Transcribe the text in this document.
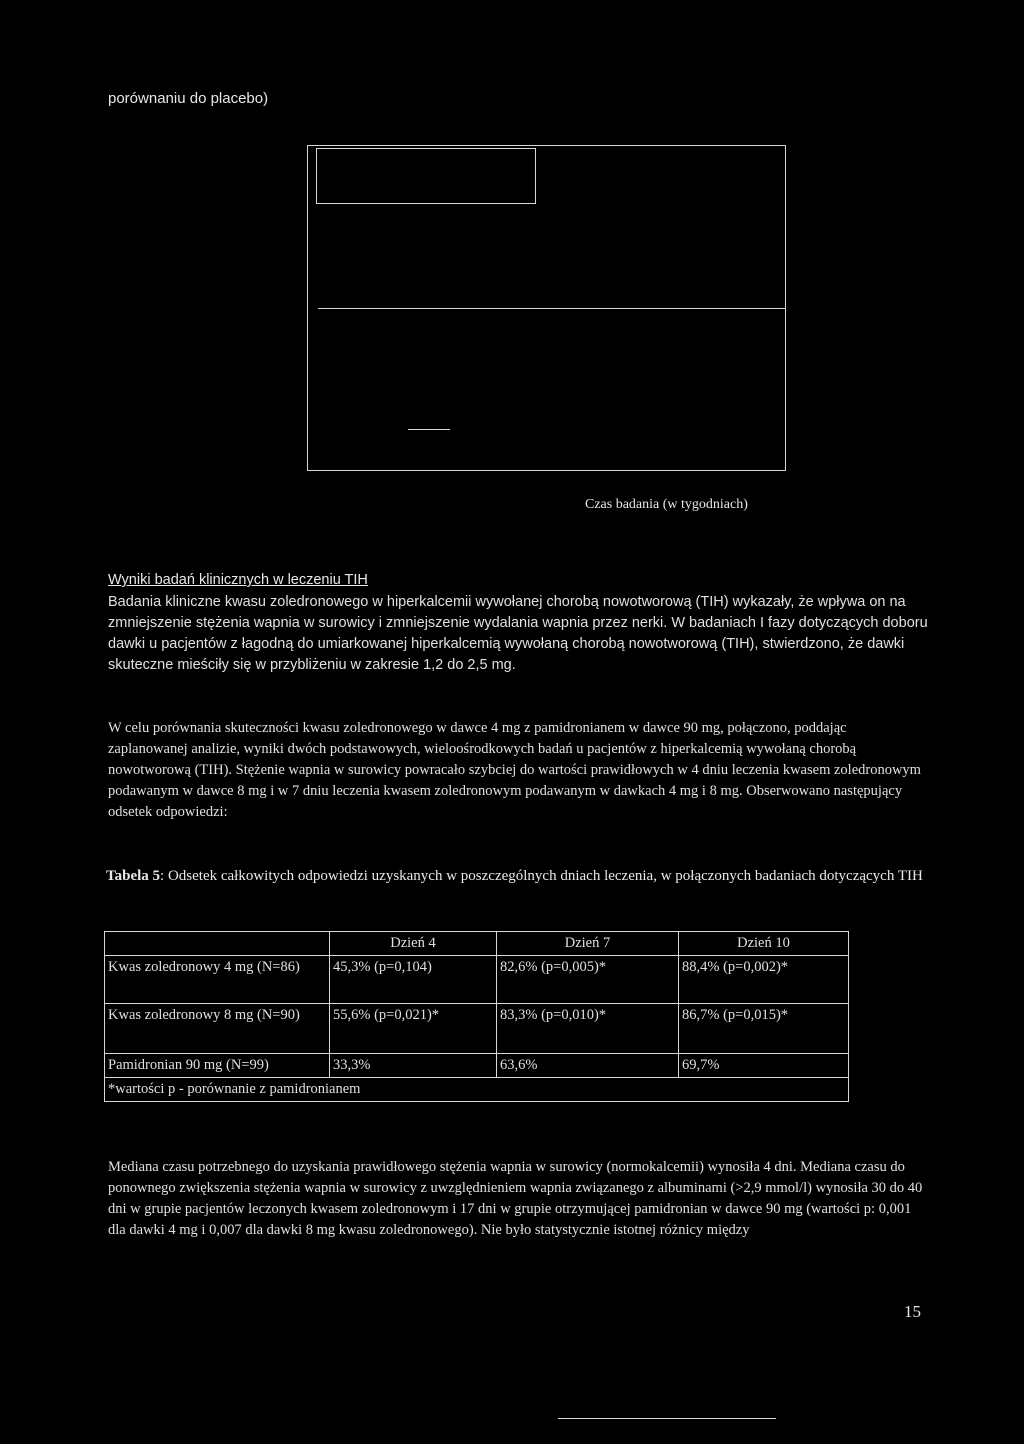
porównaniu do placebo)
Czas badania (w tygodniach)
Wyniki badań klinicznych w leczeniu TIH
Badania kliniczne kwasu zoledronowego w hiperkalcemii wywołanej chorobą nowotworową (TIH) wykazały, że wpływa on na zmniejszenie stężenia wapnia w surowicy i zmniejszenie wydalania wapnia przez nerki. W badaniach I fazy dotyczących doboru dawki u pacjentów z łagodną do umiarkowanej hiperkalcemią wywołaną chorobą nowotworową (TIH), stwierdzono, że dawki skuteczne mieściły się w przybliżeniu w zakresie 1,2 do 2,5 mg.
W celu porównania skuteczności kwasu zoledronowego w dawce 4 mg z pamidronianem w dawce 90 mg, połączono, poddając zaplanowanej analizie, wyniki dwóch podstawowych, wieloośrodkowych badań u pacjentów z hiperkalcemią wywołaną chorobą nowotworową (TIH). Stężenie wapnia w surowicy powracało szybciej do wartości prawidłowych w 4 dniu leczenia kwasem zoledronowym podawanym w dawce 8 mg i w 7 dniu leczenia kwasem zoledronowym podawanym w dawkach 4 mg i 8 mg. Obserwowano następujący odsetek odpowiedzi:
Tabela 5: Odsetek całkowitych odpowiedzi uzyskanych w poszczególnych dniach leczenia, w połączonych badaniach dotyczących TIH
	Dzień 4	Dzień 7	Dzień 10
Kwas zoledronowy 4 mg (N=86)	45,3% (p=0,104)	82,6% (p=0,005)*	88,4% (p=0,002)*
Kwas zoledronowy 8 mg (N=90)	55,6% (p=0,021)*	83,3% (p=0,010)*	86,7% (p=0,015)*
Pamidronian 90 mg (N=99)	33,3%	63,6%	69,7%
*wartości p - porównanie z pamidronianem			
Mediana czasu potrzebnego do uzyskania prawidłowego stężenia wapnia w surowicy (normokalcemii) wynosiła 4 dni. Mediana czasu do ponownego zwiększenia stężenia wapnia w surowicy z uwzględnieniem wapnia związanego z albuminami (>2,9 mmol/l) wynosiła 30 do 40 dni w grupie pacjentów leczonych kwasem zoledronowym i 17 dni w grupie otrzymującej pamidronian w dawce 90 mg (wartości p: 0,001 dla dawki 4 mg i 0,007 dla dawki 8 mg kwasu zoledronowego). Nie było statystycznie istotnej różnicy między
15
